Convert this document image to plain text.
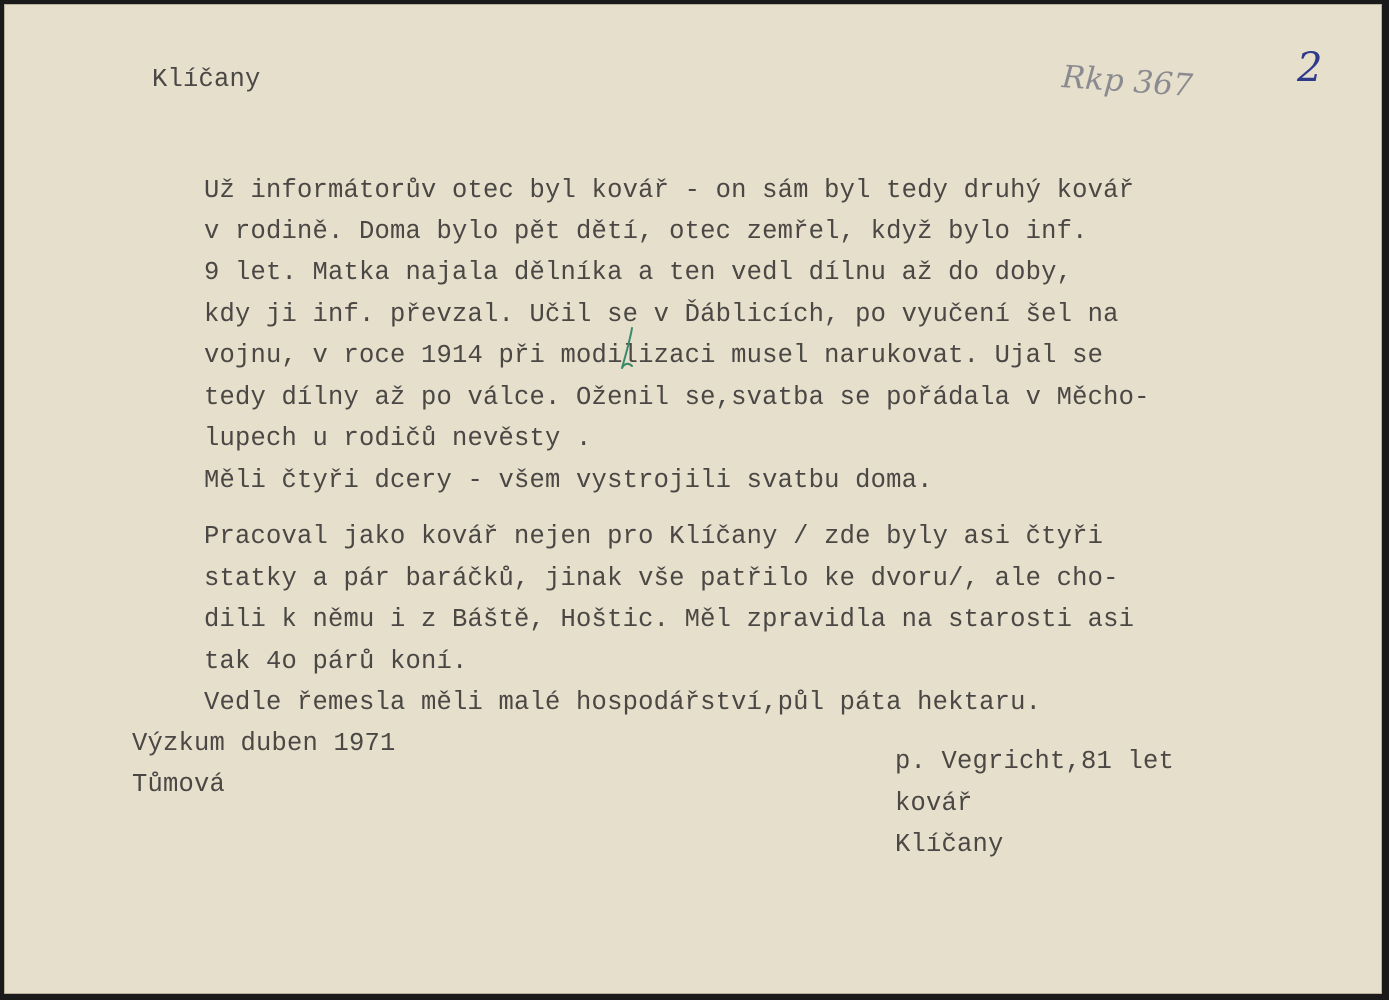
Klíčany	Rkp 367	2
Už informátorův otec byl kovář - on sám byl tedy druhý kovář
v rodině. Doma bylo pět dětí, otec zemřel, když bylo inf.
9 let. Matka najala dělníka a ten vedl dílnu až do doby,
kdy ji inf. převzal. Učil se v Ďáblicích, po vyučení šel na
vojnu, v roce 1914 při modilizaci musel narukovat. Ujal se
tedy dílny až po válce. Oženil se,svatba se pořádala v Měcho-
lupech u rodičů nevěsty .
Měli čtyři dcery - všem vystrojili svatbu doma.
Pracoval jako kovář nejen pro Klíčany / zde byly asi čtyři
statky a pár baráčků, jinak vše patřilo ke dvoru/, ale cho-
dili k němu i z Báště, Hoštic. Měl zpravidla na starosti asi
tak 4o párů koní.
Vedle řemesla měli malé hospodářství,půl páta hektaru.
Výzkum duben 1971
Tůmová
p. Vegricht,81 let
kovář
Klíčany
